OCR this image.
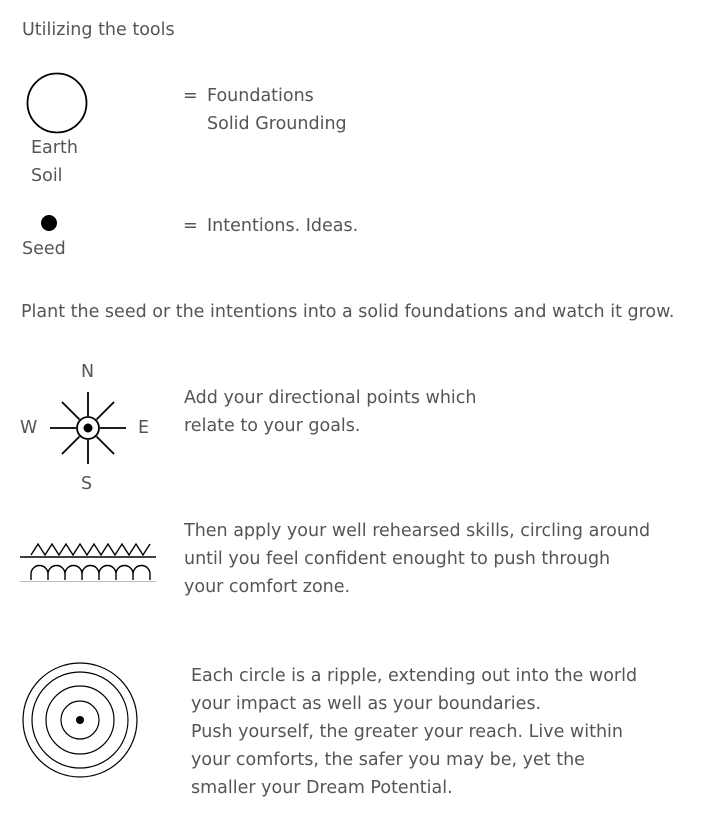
Utilizing the tools
Earth
Soil
= Foundations
Solid Grounding
Seed
= Intentions. Ideas.
Plant the seed or the intentions into a solid foundations and watch it grow.
N
W	E
S
Add your directional points which
relate to your goals.
Then apply your well rehearsed skills, circling around
until you feel confident enought to push through
your comfort zone.
Each circle is a ripple, extending out into the world
your impact as well as your boundaries.
Push yourself, the greater your reach. Live within
your comforts, the safer you may be, yet the
smaller your Dream Potential.
